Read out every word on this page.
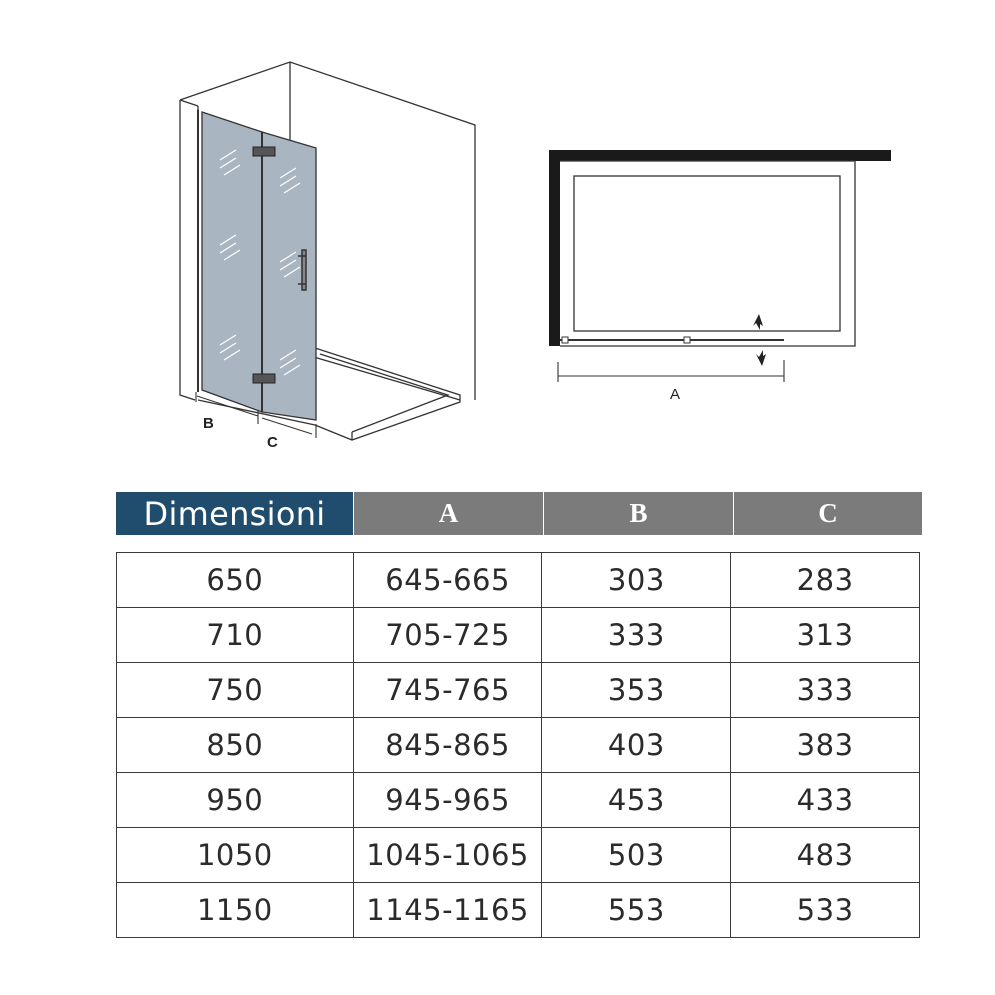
B
C
A
Dimensioni	A	B	C
650	645-665	303	283
710	705-725	333	313
750	745-765	353	333
850	845-865	403	383
950	945-965	453	433
1050	1045-1065	503	483
1150	1145-1165	553	533
